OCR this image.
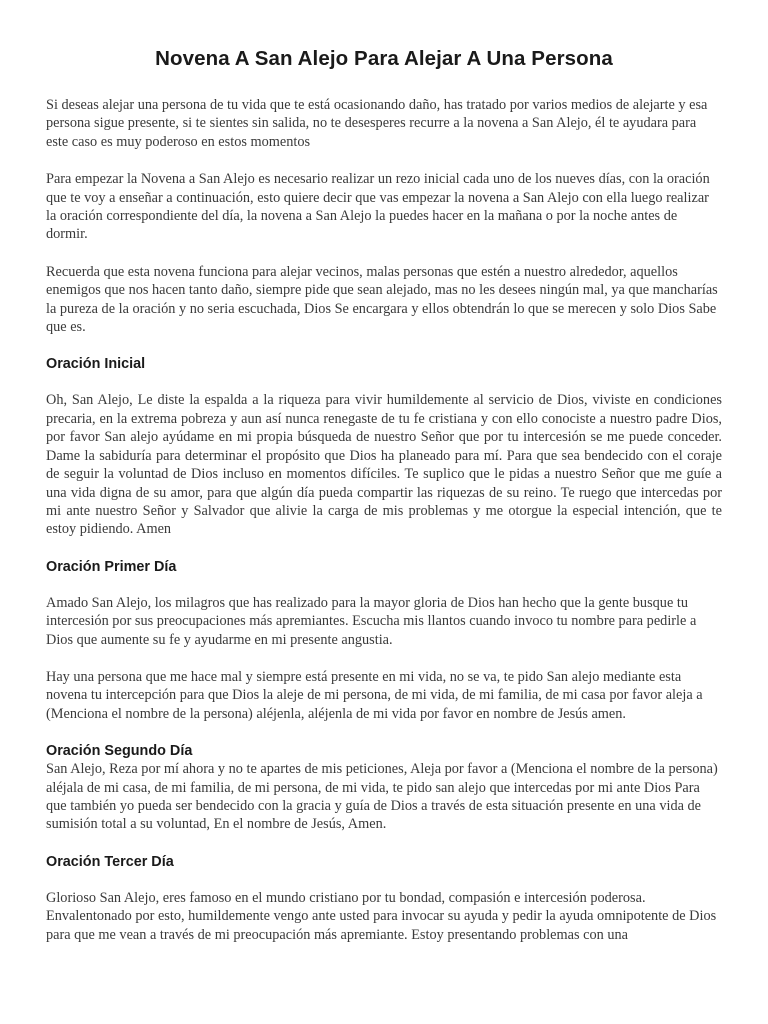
Novena A San Alejo Para Alejar A Una Persona

Si deseas alejar una persona de tu vida que te está ocasionando daño, has tratado por varios medios de alejarte y esa persona sigue presente, si te sientes sin salida, no te desesperes recurre a la novena a San Alejo, él te ayudara para este caso es muy poderoso en estos momentos

Para empezar la Novena a San Alejo es necesario realizar un rezo inicial cada uno de los nueves días, con la oración que te voy a enseñar a continuación, esto quiere decir que vas empezar la novena a San Alejo con ella luego realizar la oración correspondiente del día, la novena a San Alejo la puedes hacer en la mañana o por la noche antes de dormir.

Recuerda que esta novena funciona para alejar vecinos, malas personas que estén a nuestro alrededor, aquellos enemigos que nos hacen tanto daño, siempre pide que sean alejado, mas no les desees ningún mal, ya que mancharías la pureza de la oración y no seria escuchada, Dios Se encargara y ellos obtendrán lo que se merecen y solo Dios Sabe que es.

Oración Inicial

Oh, San Alejo, Le diste la espalda a la riqueza para vivir humildemente al servicio de Dios, viviste en condiciones precaria, en la extrema pobreza y aun así nunca renegaste de tu fe cristiana y con ello conociste a nuestro padre Dios, por favor San alejo ayúdame en mi propia búsqueda de nuestro Señor que por tu intercesión se me puede conceder. Dame la sabiduría para determinar el propósito que Dios ha planeado para mí. Para que sea bendecido con el coraje de seguir la voluntad de Dios incluso en momentos difíciles. Te suplico que le pidas a nuestro Señor que me guíe a una vida digna de su amor, para que algún día pueda compartir las riquezas de su reino. Te ruego que intercedas por mi ante nuestro Señor y Salvador que alivie la carga de mis problemas y me otorgue la especial intención, que te estoy pidiendo. Amen

Oración Primer Día

Amado San Alejo, los milagros que has realizado para la mayor gloria de Dios han hecho que la gente busque tu intercesión por sus preocupaciones más apremiantes. Escucha mis llantos cuando invoco tu nombre para pedirle a Dios que aumente su fe y ayudarme en mi presente angustia.

Hay una persona que me hace mal y siempre está presente en mi vida, no se va, te pido San alejo mediante esta novena tu intercepción para que Dios la aleje de mi persona, de mi vida, de mi familia, de mi casa por favor aleja a (Menciona el nombre de la persona) aléjenla, aléjenla de mi vida por favor en nombre de Jesús amen.

Oración Segundo Día

San Alejo, Reza por mí ahora y no te apartes de mis peticiones, Aleja por favor a (Menciona el nombre de la persona) aléjala de mi casa, de mi familia, de mi persona, de mi vida, te pido san alejo que intercedas por mi ante Dios Para que también yo pueda ser bendecido con la gracia y guía de Dios a través de esta situación presente en una vida de sumisión total a su voluntad, En el nombre de Jesús, Amen.

Oración Tercer Día

Glorioso San Alejo, eres famoso en el mundo cristiano por tu bondad, compasión e intercesión poderosa. Envalentonado por esto, humildemente vengo ante usted para invocar su ayuda y pedir la ayuda omnipotente de Dios para que me vean a través de mi preocupación más apremiante. Estoy presentando problemas con una
